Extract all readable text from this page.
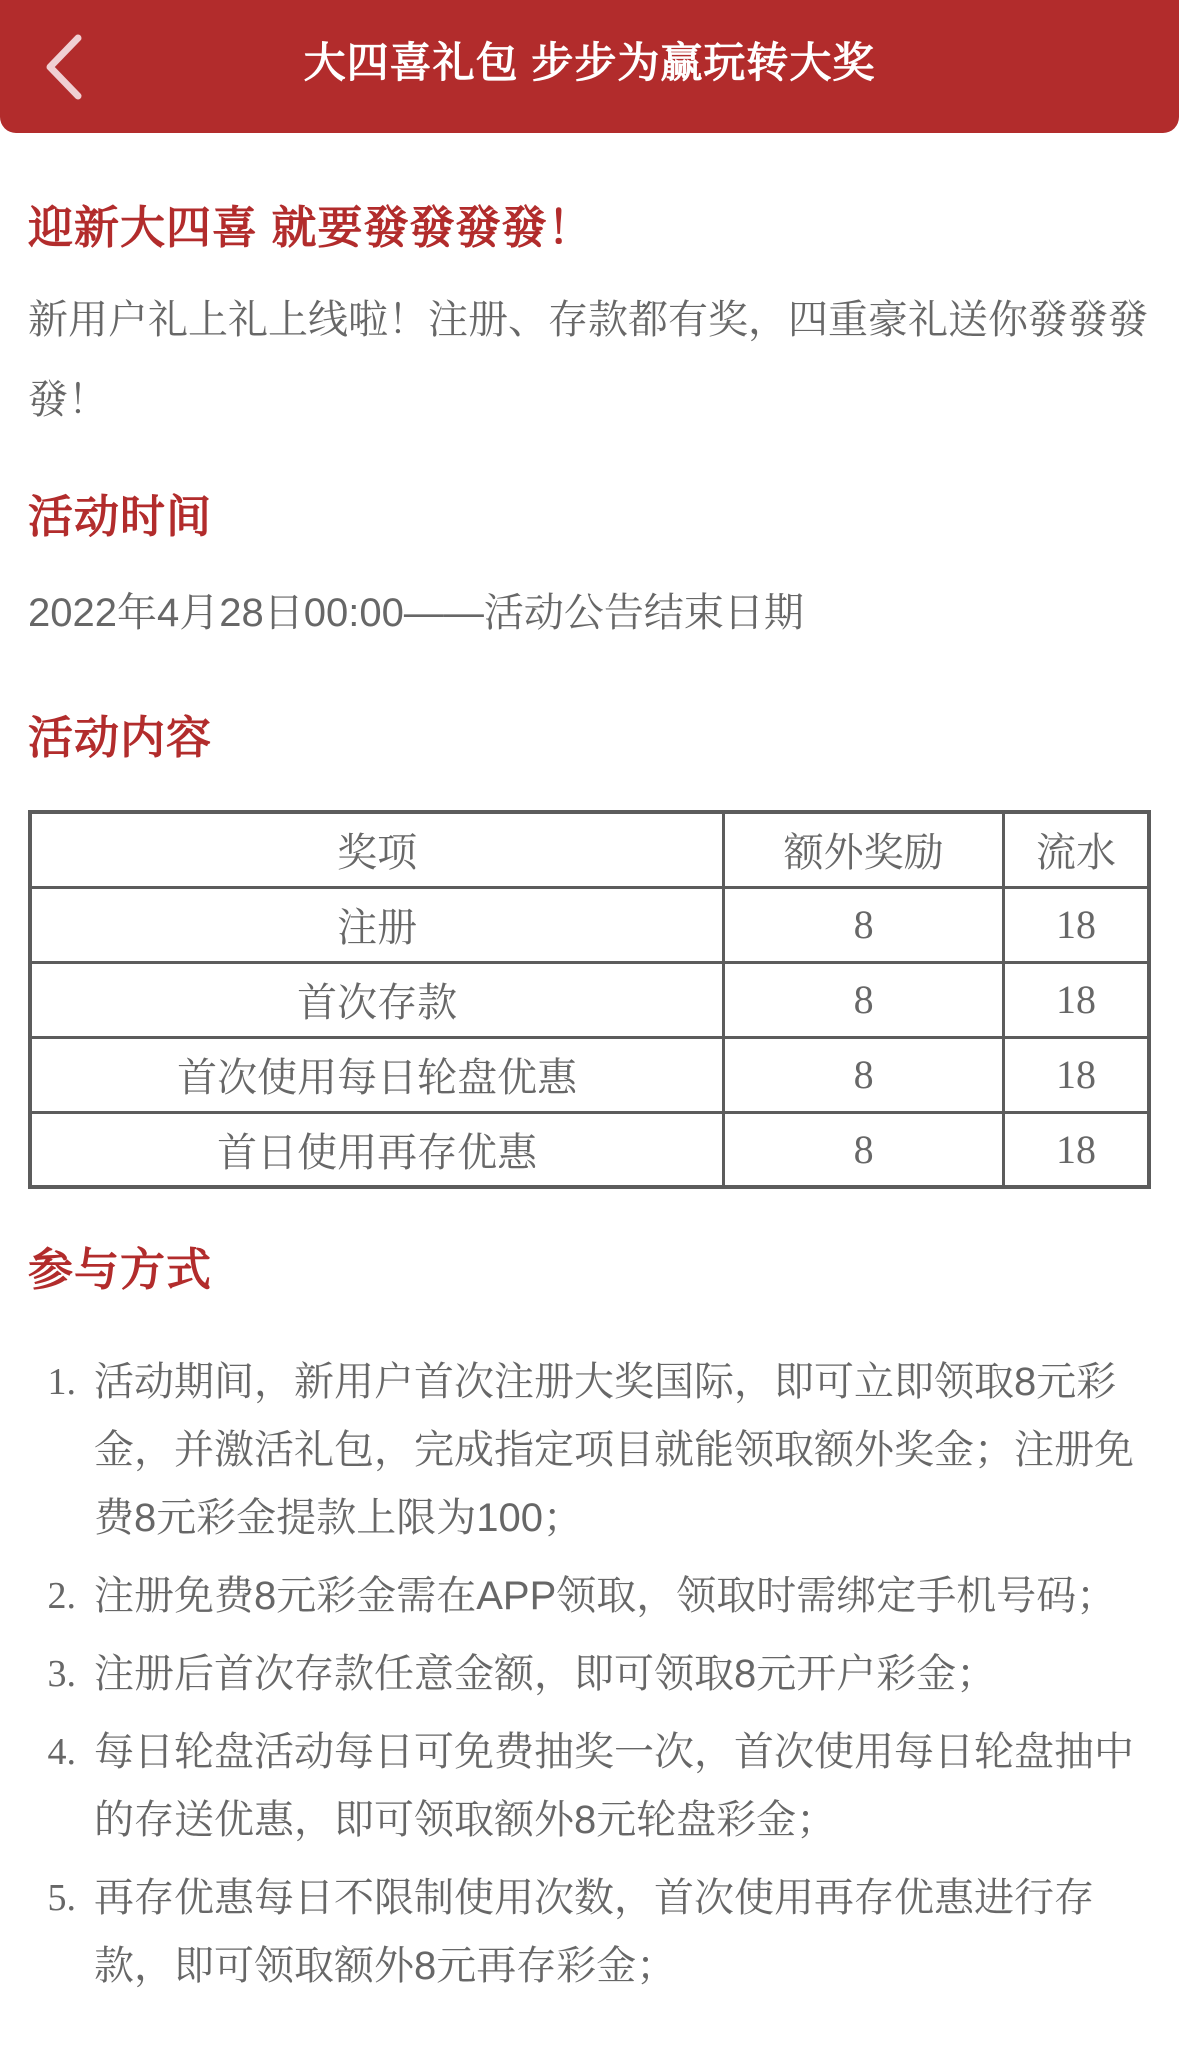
大四喜礼包 步步为赢玩转大奖
迎新大四喜 就要發發發發！

新用户礼上礼上线啦！注册、存款都有奖，四重豪礼送你發發發發！

活动时间

2022年4月28日00:00——活动公告结束日期

活动内容
奖项	额外奖励	流水
注册	8	18
首次存款	8	18
首次使用每日轮盘优惠	8	18
首日使用再存优惠	8	18
参与方式
1. 活动期间，新用户首次注册大奖国际，即可立即领取8元彩金，并激活礼包，完成指定项目就能领取额外奖金；注册免费8元彩金提款上限为100；
2. 注册免费8元彩金需在APP领取，领取时需绑定手机号码；
3. 注册后首次存款任意金额，即可领取8元开户彩金；
4. 每日轮盘活动每日可免费抽奖一次，首次使用每日轮盘抽中的存送优惠，即可领取额外8元轮盘彩金；
5. 再存优惠每日不限制使用次数，首次使用再存优惠进行存款，即可领取额外8元再存彩金；
